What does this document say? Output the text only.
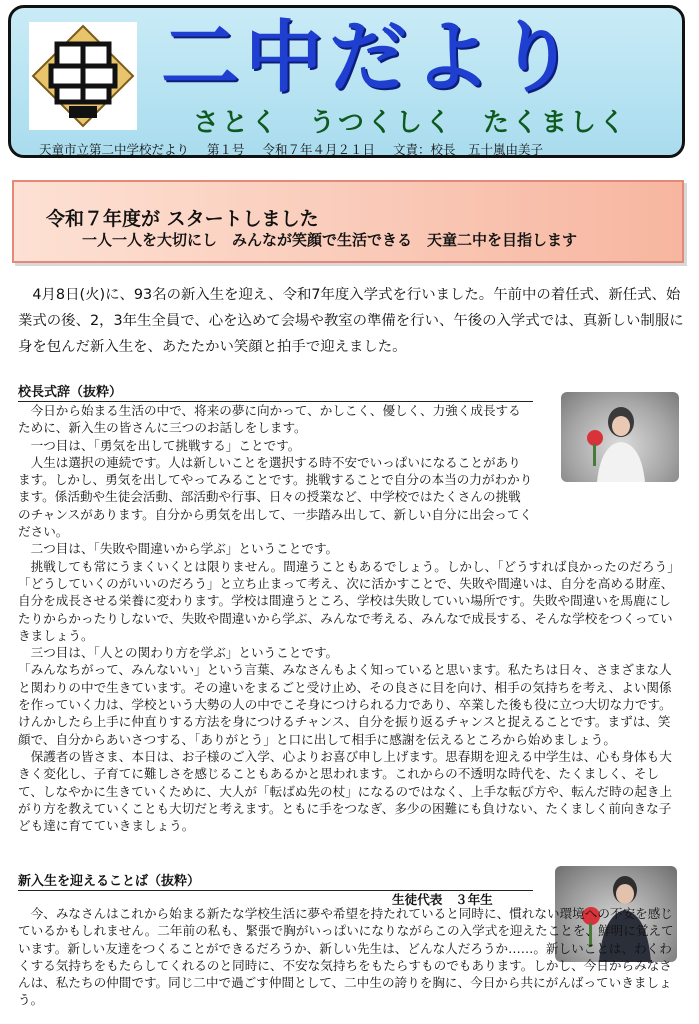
二中だより
さとく　うつくしく　たくましく
天童市立第二中学校だより 第１号 令和７年４月２１日 文責：校長　五十嵐由美子
令和７年度が スタートしました
一人一人を大切にし　みんなが笑顔で生活できる　天童二中を目指します

4月8日(火)に、93名の新入生を迎え、令和7年度入学式を行いました。午前中の着任式、新任式、始業式の後、2，3年生全員で、心を込めて会場や教室の準備を行い、午後の入学式では、真新しい制服に身を包んだ新入生を、あたたかい笑顔と拍手で迎えました。

校長式辞（抜粋）

今日から始まる生活の中で、将来の夢に向かって、かしこく、優しく、力強く成長するために、新入生の皆さんに三つのお話しをします。

一つ目は、「勇気を出して挑戦する」ことです。

人生は選択の連続です。人は新しいことを選択する時不安でいっぱいになることがあります。しかし、勇気を出してやってみることです。挑戦することで自分の本当の力がわかります。係活動や生徒会活動、部活動や行事、日々の授業など、中学校ではたくさんの挑戦のチャンスがあります。自分から勇気を出して、一歩踏み出して、新しい自分に出会ってください。

二つ目は、「失敗や間違いから学ぶ」ということです。

挑戦しても常にうまくいくとは限りません。間違うこともあるでしょう。しかし、「どうすれば良かったのだろう」「どうしていくのがいいのだろう」と立ち止まって考え、次に活かすことで、失敗や間違いは、自分を高める財産、自分を成長させる栄養に変わります。学校は間違うところ、学校は失敗していい場所です。失敗や間違いを馬鹿にしたりからかったりしないで、失敗や間違いから学ぶ、みんなで考える、みんなで成長する、そんな学校をつくっていきましょう。

三つ目は、「人との関わり方を学ぶ」ということです。

「みんなちがって、みんないい」という言葉、みなさんもよく知っていると思います。私たちは日々、さまざまな人と関わりの中で生きています。その違いをまるごと受け止め、その良さに目を向け、相手の気持ちを考え、よい関係を作っていく力は、学校という大勢の人の中でこそ身につけられる力であり、卒業した後も役に立つ大切な力です。けんかしたら上手に仲直りする方法を身につけるチャンス、自分を振り返るチャンスと捉えることです。まずは、笑顔で、自分からあいさつする、「ありがとう」と口に出して相手に感謝を伝えるところから始めましょう。

保護者の皆さま、本日は、お子様のご入学、心よりお喜び申し上げます。思春期を迎える中学生は、心も身体も大きく変化し、子育てに難しさを感じることもあるかと思われます。これからの不透明な時代を、たくましく、そして、しなやかに生きていくために、大人が「転ばぬ先の杖」になるのではなく、上手な転び方や、転んだ時の起き上がり方を教えていくことも大切だと考えます。ともに手をつなぎ、多少の困難にも負けない、たくましく前向きな子ども達に育てていきましょう。

新入生を迎えることば（抜粋）
生徒代表　３年生

今、みなさんはこれから始まる新たな学校生活に夢や希望を持たれていると同時に、慣れない環境への不安を感じているかもしれません。二年前の私も、緊張で胸がいっぱいになりながらこの入学式を迎えたことを、鮮明に覚えています。新しい友達をつくることができるだろうか、新しい先生は、どんな人だろうか……。新しいことは、わくわくする気持ちをもたらしてくれるのと同時に、不安な気持ちをもたらすものでもあります。しかし、今日からみなさんは、私たちの仲間です。同じ二中で過ごす仲間として、二中生の誇りを胸に、今日から共にがんばっていきましょう。
